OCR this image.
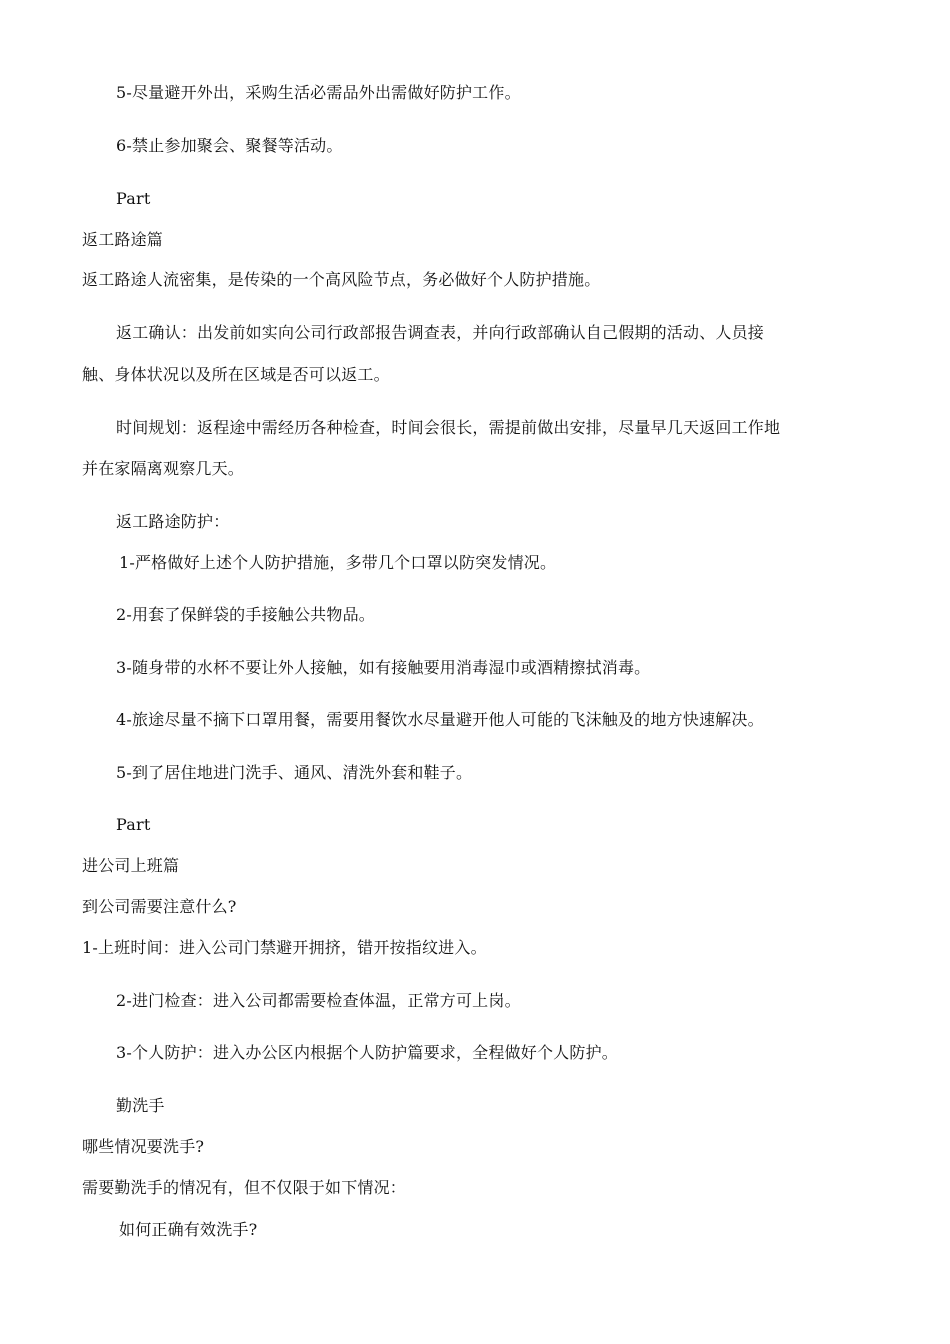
5-尽量避开外出，采购生活必需品外出需做好防护工作。
6-禁止参加聚会、聚餐等活动。
Part
返工路途篇
返工路途人流密集，是传染的一个高风险节点，务必做好个人防护措施。
返工确认：出发前如实向公司行政部报告调查表，并向行政部确认自己假期的活动、人员接
触、身体状况以及所在区域是否可以返工。
时间规划：返程途中需经历各种检查，时间会很长，需提前做出安排，尽量早几天返回工作地
并在家隔离观察几天。
返工路途防护：
1-严格做好上述个人防护措施，多带几个口罩以防突发情况。
2-用套了保鲜袋的手接触公共物品。
3-随身带的水杯不要让外人接触，如有接触要用消毒湿巾或酒精擦拭消毒。
4-旅途尽量不摘下口罩用餐，需要用餐饮水尽量避开他人可能的飞沫触及的地方快速解决。
5-到了居住地进门洗手、通风、清洗外套和鞋子。
Part
进公司上班篇
到公司需要注意什么?
1-上班时间：进入公司门禁避开拥挤，错开按指纹进入。
2-进门检查：进入公司都需要检查体温，正常方可上岗。
3-个人防护：进入办公区内根据个人防护篇要求，全程做好个人防护。
勤洗手
哪些情况要洗手?
需要勤洗手的情况有，但不仅限于如下情况：
如何正确有效洗手?
